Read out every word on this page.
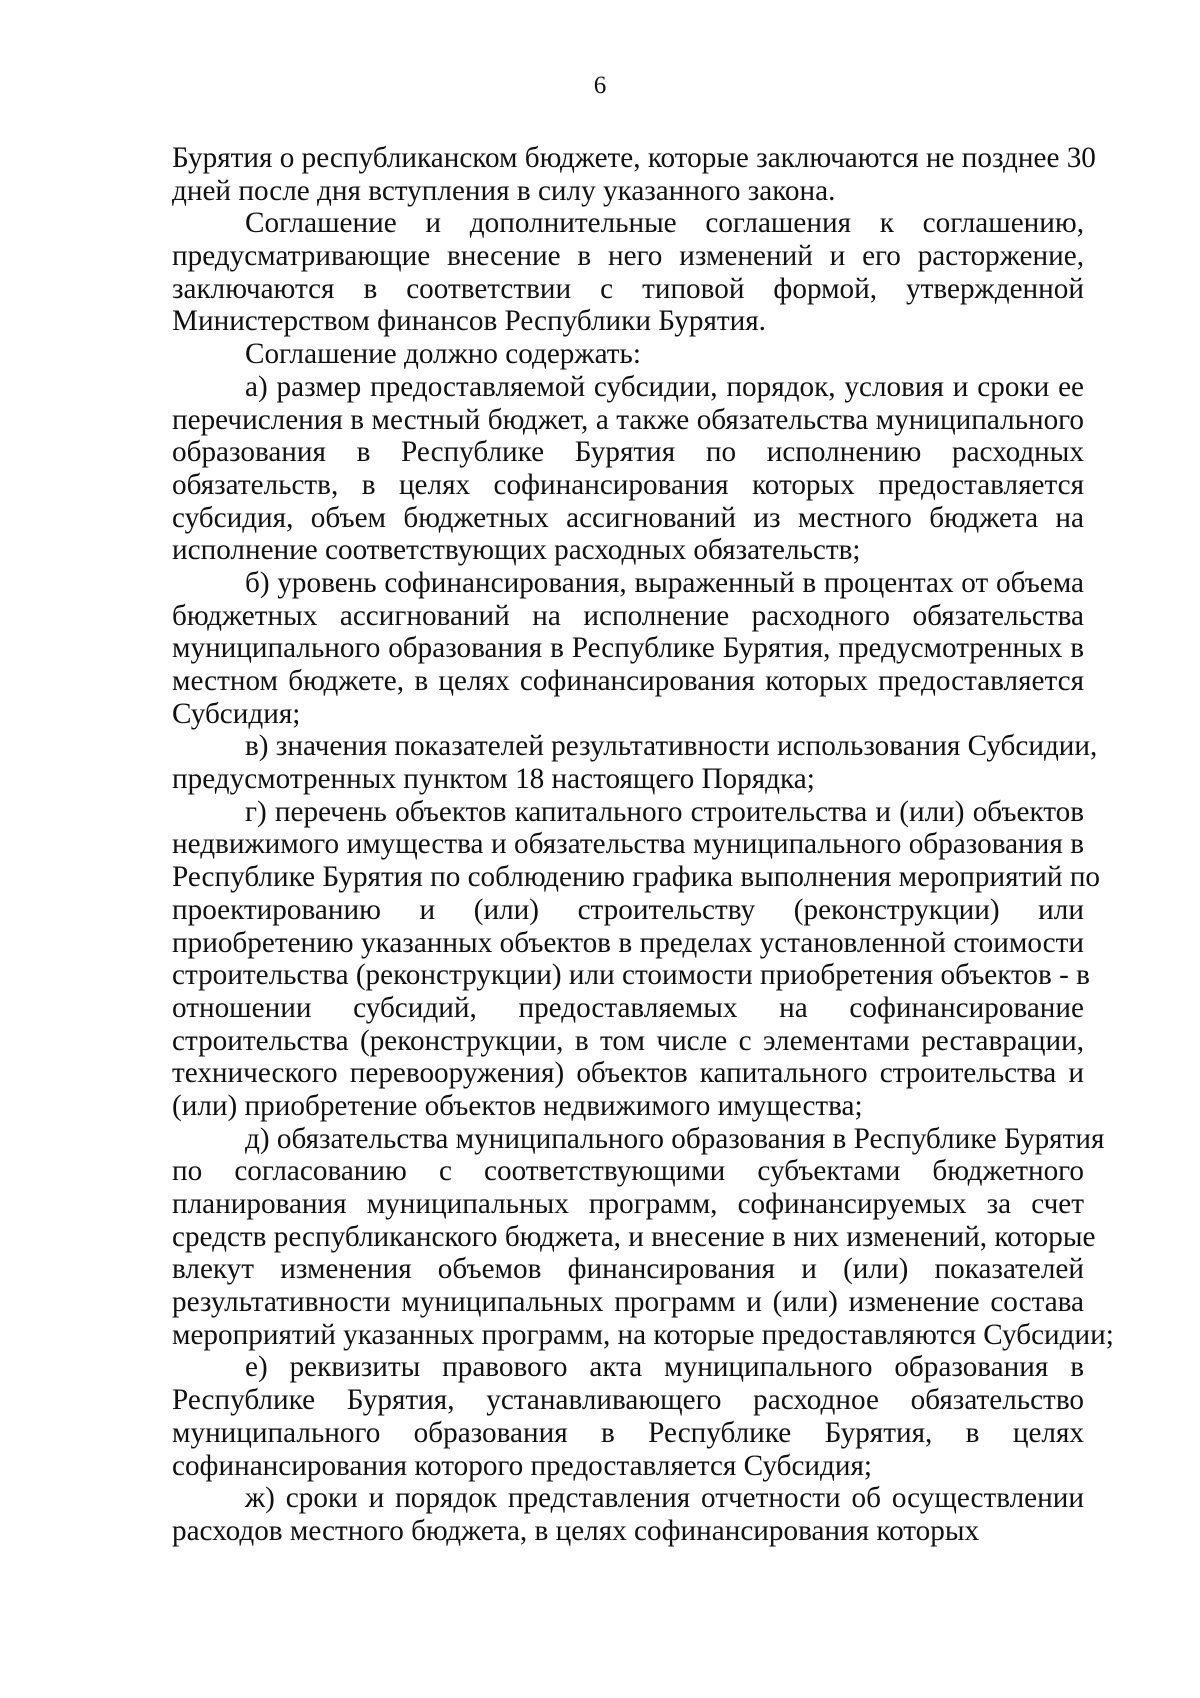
6

Бурятия о республиканском бюджете, которые заключаются не позднее 30
дней после дня вступления в силу указанного закона.

Соглашение и дополнительные соглашения к соглашению,
предусматривающие внесение в него изменений и его расторжение,
заключаются в соответствии с типовой формой, утвержденной
Министерством финансов Республики Бурятия.

Соглашение должно содержать:

а) размер предоставляемой субсидии, порядок, условия и сроки ее
перечисления в местный бюджет, а также обязательства муниципального
образования в Республике Бурятия по исполнению расходных
обязательств, в целях софинансирования которых предоставляется
субсидия, объем бюджетных ассигнований из местного бюджета на
исполнение соответствующих расходных обязательств;

б) уровень софинансирования, выраженный в процентах от объема
бюджетных ассигнований на исполнение расходного обязательства
муниципального образования в Республике Бурятия, предусмотренных в
местном бюджете, в целях софинансирования которых предоставляется
Субсидия;

в) значения показателей результативности использования Субсидии,
предусмотренных пунктом 18 настоящего Порядка;

г) перечень объектов капитального строительства и (или) объектов
недвижимого имущества и обязательства муниципального образования в
Республике Бурятия по соблюдению графика выполнения мероприятий по
проектированию и (или) строительству (реконструкции) или
приобретению указанных объектов в пределах установленной стоимости
строительства (реконструкции) или стоимости приобретения объектов - в
отношении субсидий, предоставляемых на софинансирование
строительства (реконструкции, в том числе с элементами реставрации,
технического перевооружения) объектов капитального строительства и
(или) приобретение объектов недвижимого имущества;

д) обязательства муниципального образования в Республике Бурятия
по согласованию с соответствующими субъектами бюджетного
планирования муниципальных программ, софинансируемых за счет
средств республиканского бюджета, и внесение в них изменений, которые
влекут изменения объемов финансирования и (или) показателей
результативности муниципальных программ и (или) изменение состава
мероприятий указанных программ, на которые предоставляются Субсидии;

е) реквизиты правового акта муниципального образования в
Республике Бурятия, устанавливающего расходное обязательство
муниципального образования в Республике Бурятия, в целях
софинансирования которого предоставляется Субсидия;

ж) сроки и порядок представления отчетности об осуществлении
расходов местного бюджета, в целях софинансирования которых
